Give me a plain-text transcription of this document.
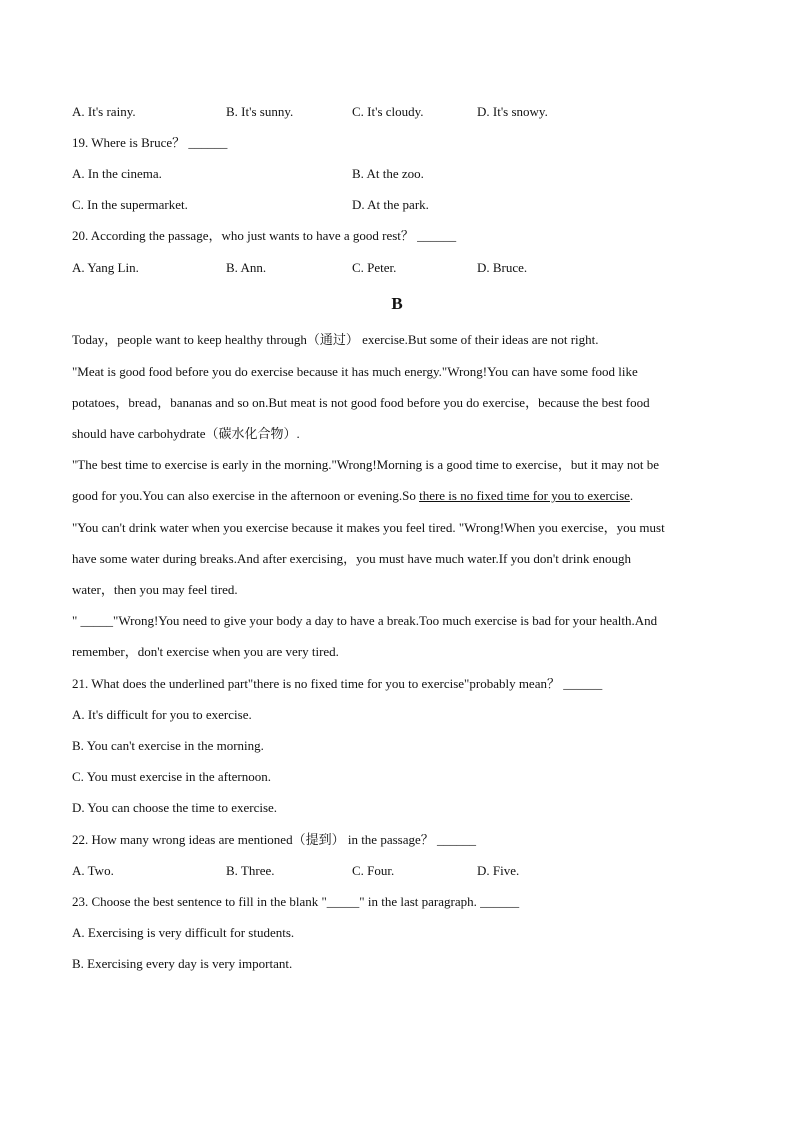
A. It's rainy.	B. It's sunny.	C. It's cloudy.	D. It's snowy.
19. Where is Bruce？ ______
A. In the cinema.	B. At the zoo.
C. In the supermarket.	D. At the park.
20. According the passage，who just wants to have a good rest？ ______
A. Yang Lin.	B. Ann.	C. Peter.	D. Bruce.
B
Today，people want to keep healthy through（通过） exercise.But some of their ideas are not right.
"Meat is good food before you do exercise because it has much energy."Wrong!You can have some food like
potatoes，bread，bananas and so on.But meat is not good food before you do exercise，because the best food
should have carbohydrate（碳水化合物）.
"The best time to exercise is early in the morning."Wrong!Morning is a good time to exercise，but it may not be
good for you.You can also exercise in the afternoon or evening.So there is no fixed time for you to exercise.
"You can't drink water when you exercise because it makes you feel tired. "Wrong!When you exercise，you must
have some water during breaks.And after exercising，you must have much water.If you don't drink enough
water，then you may feel tired.
" _____"Wrong!You need to give your body a day to have a break.Too much exercise is bad for your health.And
remember，don't exercise when you are very tired.
21. What does the underlined part"there is no fixed time for you to exercise"probably mean？ ______
A. It's difficult for you to exercise.
B. You can't exercise in the morning.
C. You must exercise in the afternoon.
D. You can choose the time to exercise.
22. How many wrong ideas are mentioned（提到） in the passage？ ______
A. Two.	B. Three.	C. Four.	D. Five.
23. Choose the best sentence to fill in the blank "_____" in the last paragraph. ______
A. Exercising is very difficult for students.
B. Exercising every day is very important.
